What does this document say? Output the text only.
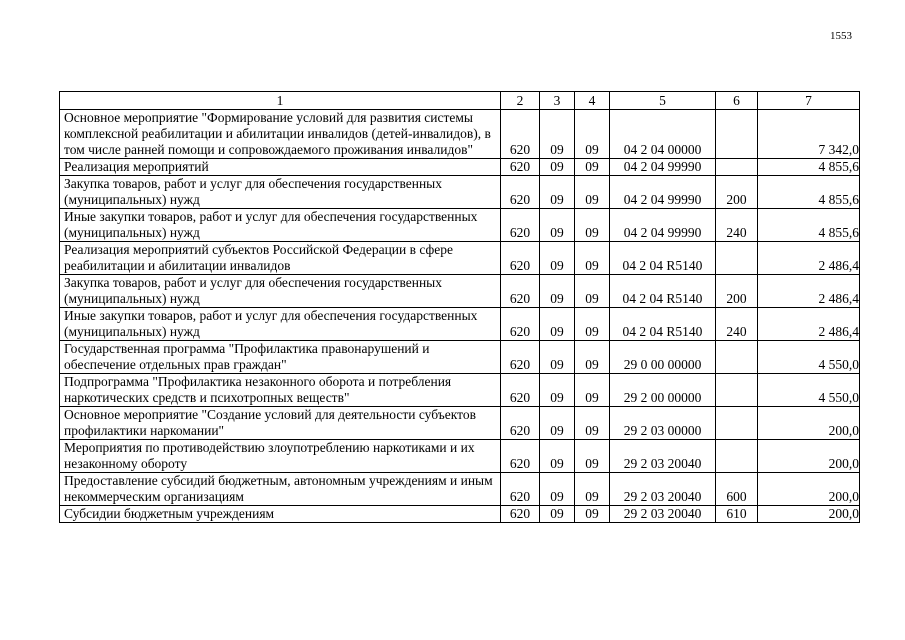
1553
1	2	3	4	5	6	7
Основное мероприятие "Формирование условий для развития системы комплексной реабилитации и абилитации инвалидов (детей-инвалидов), в том числе ранней помощи и сопровождаемого проживания инвалидов"	620	09	09	04 2 04 00000		7 342,0
Реализация мероприятий	620	09	09	04 2 04 99990		4 855,6
Закупка товаров, работ и услуг для обеспечения государственных (муниципальных) нужд	620	09	09	04 2 04 99990	200	4 855,6
Иные закупки товаров, работ и услуг для обеспечения государственных (муниципальных) нужд	620	09	09	04 2 04 99990	240	4 855,6
Реализация мероприятий субъектов Российской Федерации в сфере реабилитации и абилитации инвалидов	620	09	09	04 2 04 R5140		2 486,4
Закупка товаров, работ и услуг для обеспечения государственных (муниципальных) нужд	620	09	09	04 2 04 R5140	200	2 486,4
Иные закупки товаров, работ и услуг для обеспечения государственных (муниципальных) нужд	620	09	09	04 2 04 R5140	240	2 486,4
Государственная программа "Профилактика правонарушений и обеспечение отдельных прав граждан"	620	09	09	29 0 00 00000		4 550,0
Подпрограмма "Профилактика незаконного оборота и потребления наркотических средств и психотропных веществ"	620	09	09	29 2 00 00000		4 550,0
Основное мероприятие "Создание условий для деятельности субъектов профилактики наркомании"	620	09	09	29 2 03 00000		200,0
Мероприятия по противодействию злоупотреблению наркотиками и их незаконному обороту	620	09	09	29 2 03 20040		200,0
Предоставление субсидий бюджетным, автономным учреждениям и иным некоммерческим организациям	620	09	09	29 2 03 20040	600	200,0
Субсидии бюджетным учреждениям	620	09	09	29 2 03 20040	610	200,0
